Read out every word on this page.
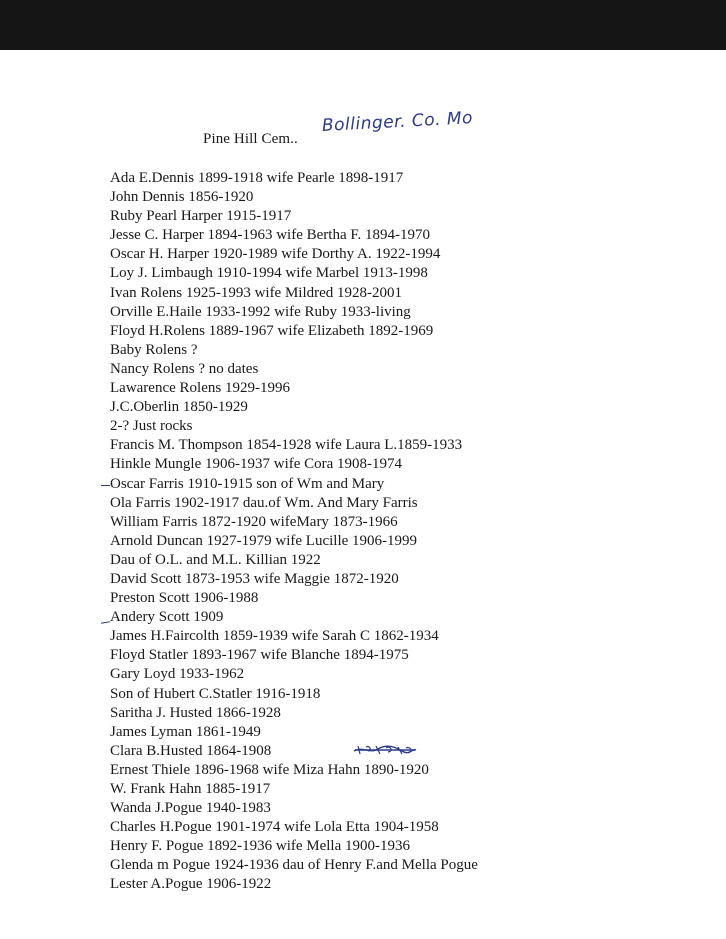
Pine Hill Cem..
Bollinger. Co. Mo
Ada E.Dennis 1899-1918 wife Pearle 1898-1917
John Dennis 1856-1920
Ruby Pearl Harper 1915-1917
Jesse C. Harper 1894-1963 wife Bertha F. 1894-1970
Oscar H. Harper 1920-1989 wife Dorthy A. 1922-1994
Loy J. Limbaugh 1910-1994 wife Marbel 1913-1998
Ivan Rolens 1925-1993 wife Mildred 1928-2001
Orville E.Haile 1933-1992 wife Ruby 1933-living
Floyd H.Rolens 1889-1967 wife Elizabeth 1892-1969
Baby Rolens ?
Nancy Rolens ? no dates
Lawarence Rolens 1929-1996
J.C.Oberlin 1850-1929
2-? Just rocks
Francis M. Thompson 1854-1928 wife Laura L.1859-1933
Hinkle Mungle 1906-1937 wife Cora 1908-1974
Oscar Farris 1910-1915 son of Wm and Mary
Ola Farris 1902-1917 dau.of Wm. And Mary Farris
William Farris 1872-1920 wifeMary 1873-1966
Arnold Duncan 1927-1979 wife Lucille 1906-1999
Dau of O.L. and M.L. Killian 1922
David Scott 1873-1953 wife Maggie 1872-1920
Preston Scott 1906-1988
Andery Scott 1909
James H.Faircolth 1859-1939 wife Sarah C 1862-1934
Floyd Statler 1893-1967 wife Blanche 1894-1975
Gary Loyd 1933-1962
Son of Hubert C.Statler 1916-1918
Saritha J. Husted 1866-1928
James Lyman 1861-1949
Clara B.Husted 1864-1908
Ernest Thiele 1896-1968 wife Miza Hahn 1890-1920
W. Frank Hahn 1885-1917
Wanda J.Pogue 1940-1983
Charles H.Pogue 1901-1974 wife Lola Etta 1904-1958
Henry F. Pogue 1892-1936 wife Mella 1900-1936
Glenda m Pogue 1924-1936 dau of Henry F.and Mella Pogue
Lester A.Pogue 1906-1922
